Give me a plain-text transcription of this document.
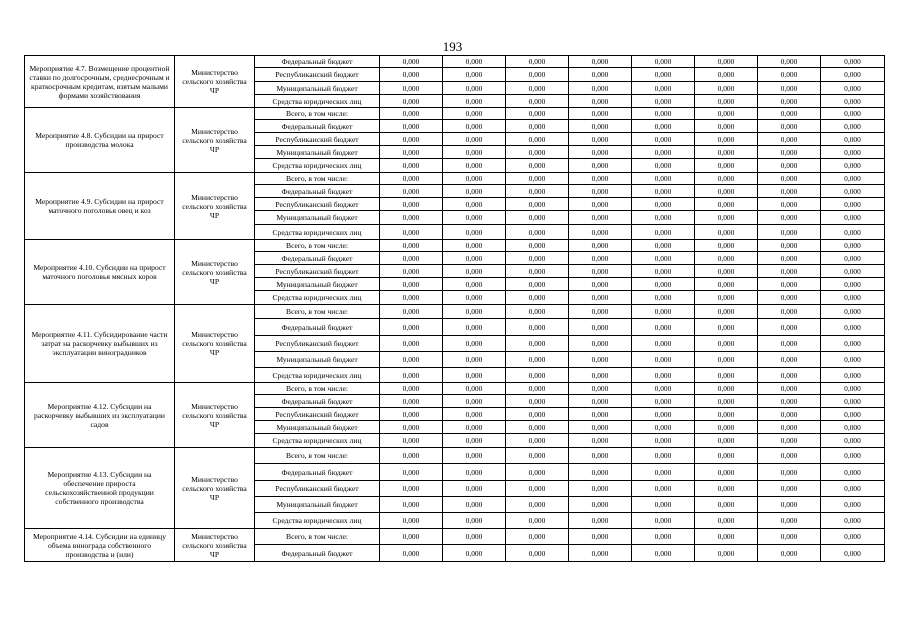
193
Мероприятие 4.7. Возмещение процентной ставки по долгосрочным, среднесрочным и краткосрочным кредитам, взятым малыми формами хозяйствования	Министерство сельского хозяйства ЧР	Федеральный бюджет	0,000	0,000	0,000	0,000	0,000	0,000	0,000	0,000
		Республиканский бюджет	0,000	0,000	0,000	0,000	0,000	0,000	0,000	0,000
		Муниципальный бюджет	0,000	0,000	0,000	0,000	0,000	0,000	0,000	0,000
		Средства юридических лиц	0,000	0,000	0,000	0,000	0,000	0,000	0,000	0,000
Мероприятие 4.8. Субсидии на прирост производства молока	Министерство сельского хозяйства ЧР	Всего, в том числе:	0,000	0,000	0,000	0,000	0,000	0,000	0,000	0,000
		Федеральный бюджет	0,000	0,000	0,000	0,000	0,000	0,000	0,000	0,000
		Республиканский бюджет	0,000	0,000	0,000	0,000	0,000	0,000	0,000	0,000
		Муниципальный бюджет	0,000	0,000	0,000	0,000	0,000	0,000	0,000	0,000
		Средства юридических лиц	0,000	0,000	0,000	0,000	0,000	0,000	0,000	0,000
Мероприятие 4.9. Субсидии на прирост маточного поголовья овец и коз	Министерство сельского хозяйства ЧР	Всего, в том числе:	0,000	0,000	0,000	0,000	0,000	0,000	0,000	0,000
		Федеральный бюджет	0,000	0,000	0,000	0,000	0,000	0,000	0,000	0,000
		Республиканский бюджет	0,000	0,000	0,000	0,000	0,000	0,000	0,000	0,000
		Муниципальный бюджет	0,000	0,000	0,000	0,000	0,000	0,000	0,000	0,000
		Средства юридических лиц	0,000	0,000	0,000	0,000	0,000	0,000	0,000	0,000
Мероприятие 4.10. Субсидии на прирост маточного поголовья мясных коров	Министерство сельского хозяйства ЧР	Всего, в том числе:	0,000	0,000	0,000	0,000	0,000	0,000	0,000	0,000
		Федеральный бюджет	0,000	0,000	0,000	0,000	0,000	0,000	0,000	0,000
		Республиканский бюджет	0,000	0,000	0,000	0,000	0,000	0,000	0,000	0,000
		Муниципальный бюджет	0,000	0,000	0,000	0,000	0,000	0,000	0,000	0,000
		Средства юридических лиц	0,000	0,000	0,000	0,000	0,000	0,000	0,000	0,000
Мероприятие 4.11. Субсидирование части затрат на раскорчевку выбывших из эксплуатации виноградников	Министерство сельского хозяйства ЧР	Всего, в том числе:	0,000	0,000	0,000	0,000	0,000	0,000	0,000	0,000
		Федеральный бюджет	0,000	0,000	0,000	0,000	0,000	0,000	0,000	0,000
		Республиканский бюджет	0,000	0,000	0,000	0,000	0,000	0,000	0,000	0,000
		Муниципальный бюджет	0,000	0,000	0,000	0,000	0,000	0,000	0,000	0,000
		Средства юридических лиц	0,000	0,000	0,000	0,000	0,000	0,000	0,000	0,000
Мероприятие 4.12. Субсидии на раскорчевку выбывших из эксплуатации садов	Министерство сельского хозяйства ЧР	Всего, в том числе:	0,000	0,000	0,000	0,000	0,000	0,000	0,000	0,000
		Федеральный бюджет	0,000	0,000	0,000	0,000	0,000	0,000	0,000	0,000
		Республиканский бюджет	0,000	0,000	0,000	0,000	0,000	0,000	0,000	0,000
		Муниципальный бюджет	0,000	0,000	0,000	0,000	0,000	0,000	0,000	0,000
		Средства юридических лиц	0,000	0,000	0,000	0,000	0,000	0,000	0,000	0,000
Мероприятие 4.13. Субсидии на обеспечение прироста сельскохозяйственной продукции собственного производства	Министерство сельского хозяйства ЧР	Всего, в том числе:	0,000	0,000	0,000	0,000	0,000	0,000	0,000	0,000
		Федеральный бюджет	0,000	0,000	0,000	0,000	0,000	0,000	0,000	0,000
		Республиканский бюджет	0,000	0,000	0,000	0,000	0,000	0,000	0,000	0,000
		Муниципальный бюджет	0,000	0,000	0,000	0,000	0,000	0,000	0,000	0,000
		Средства юридических лиц	0,000	0,000	0,000	0,000	0,000	0,000	0,000	0,000
Мероприятие 4.14. Субсидии на единицу объема винограда собственного производства и (или)	Министерство сельского хозяйства ЧР	Всего, в том числе:	0,000	0,000	0,000	0,000	0,000	0,000	0,000	0,000
		Федеральный бюджет	0,000	0,000	0,000	0,000	0,000	0,000	0,000	0,000
